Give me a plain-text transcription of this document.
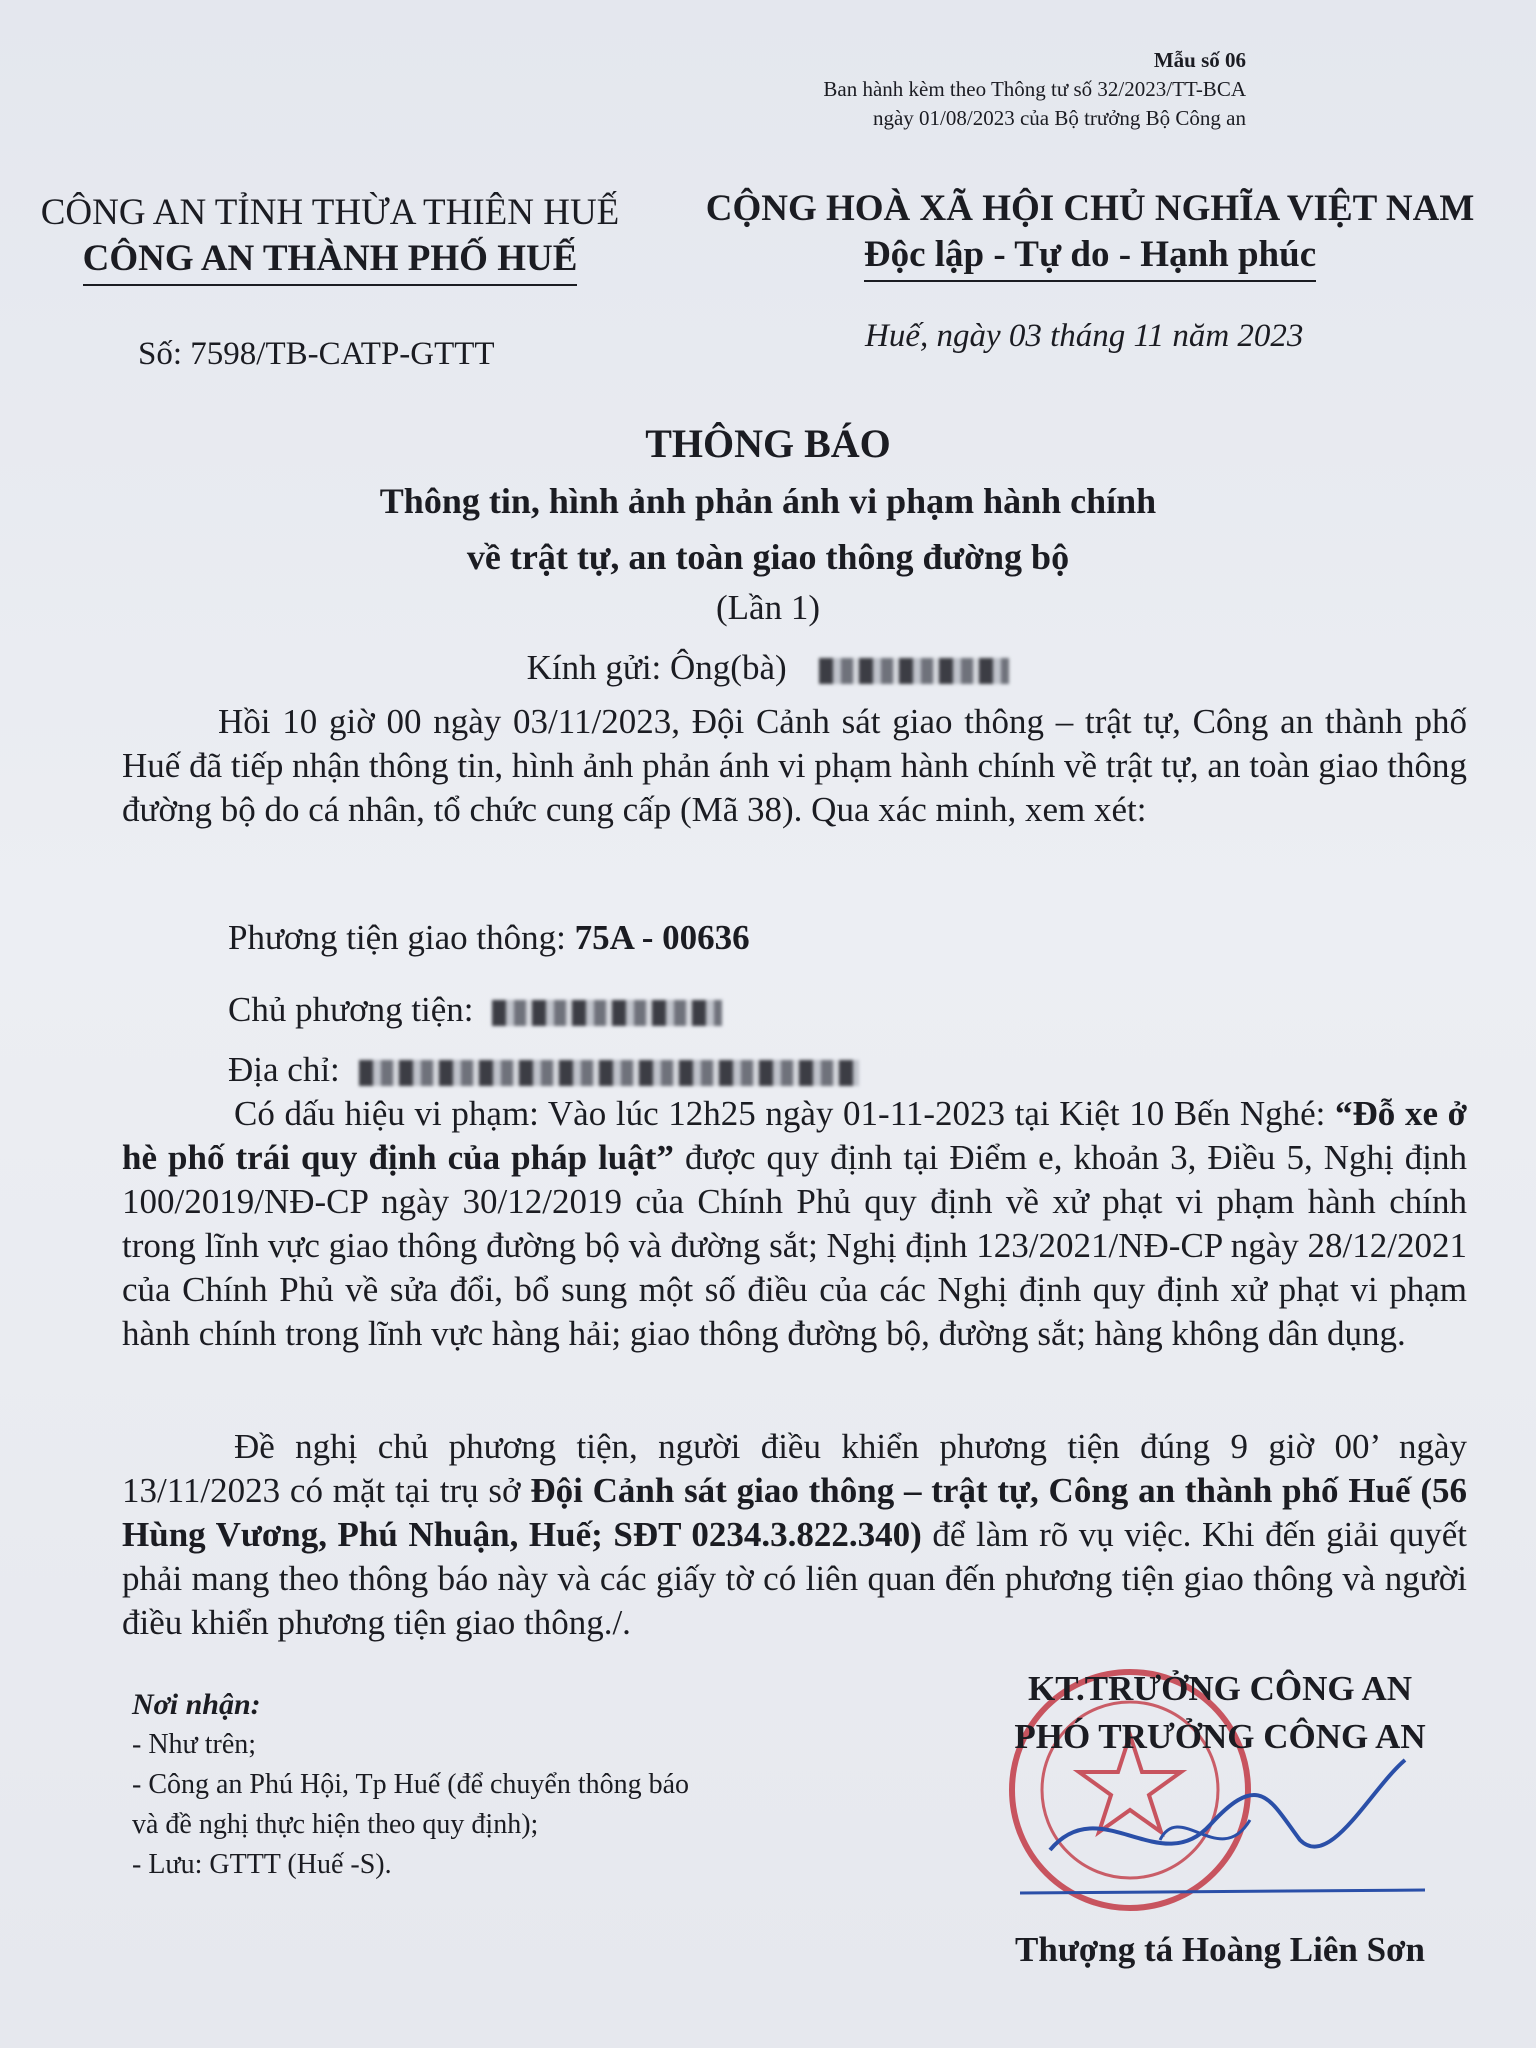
Mẫu số 06
Ban hành kèm theo Thông tư số 32/2023/TT-BCA
ngày 01/08/2023 của Bộ trưởng Bộ Công an
CÔNG AN TỈNH THỪA THIÊN HUẾ
CÔNG AN THÀNH PHỐ HUẾ
CỘNG HOÀ XÃ HỘI CHỦ NGHĨA VIỆT NAM
Độc lập - Tự do - Hạnh phúc
Số: 7598/TB-CATP-GTTT	Huế, ngày 03 tháng 11 năm 2023
THÔNG BÁO
Thông tin, hình ảnh phản ánh vi phạm hành chính
về trật tự, an toàn giao thông đường bộ
(Lần 1)
Kính gửi: Ông(bà)
Hồi 10 giờ 00 ngày 03/11/2023, Đội Cảnh sát giao thông – trật tự, Công an thành phố Huế đã tiếp nhận thông tin, hình ảnh phản ánh vi phạm hành chính về trật tự, an toàn giao thông đường bộ do cá nhân, tổ chức cung cấp (Mã 38). Qua xác minh, xem xét:
Phương tiện giao thông: 75A - 00636
Chủ phương tiện:
Địa chỉ:
Có dấu hiệu vi phạm: Vào lúc 12h25 ngày 01-11-2023 tại Kiệt 10 Bến Nghé: “Đỗ xe ở hè phố trái quy định của pháp luật” được quy định tại Điểm e, khoản 3, Điều 5, Nghị định 100/2019/NĐ-CP ngày 30/12/2019 của Chính Phủ quy định về xử phạt vi phạm hành chính trong lĩnh vực giao thông đường bộ và đường sắt; Nghị định 123/2021/NĐ-CP ngày 28/12/2021 của Chính Phủ về sửa đổi, bổ sung một số điều của các Nghị định quy định xử phạt vi phạm hành chính trong lĩnh vực hàng hải; giao thông đường bộ, đường sắt; hàng không dân dụng.
Đề nghị chủ phương tiện, người điều khiển phương tiện đúng 9 giờ 00’ ngày 13/11/2023 có mặt tại trụ sở Đội Cảnh sát giao thông – trật tự, Công an thành phố Huế (56 Hùng Vương, Phú Nhuận, Huế; SĐT 0234.3.822.340) để làm rõ vụ việc. Khi đến giải quyết phải mang theo thông báo này và các giấy tờ có liên quan đến phương tiện giao thông và người điều khiển phương tiện giao thông./.
Nơi nhận:
- Như trên;
- Công an Phú Hội, Tp Huế (để chuyển thông báo
và đề nghị thực hiện theo quy định);
- Lưu: GTTT (Huế -S).
KT.TRƯỞNG CÔNG AN
PHÓ TRƯỞNG CÔNG AN
Thượng tá Hoàng Liên Sơn
